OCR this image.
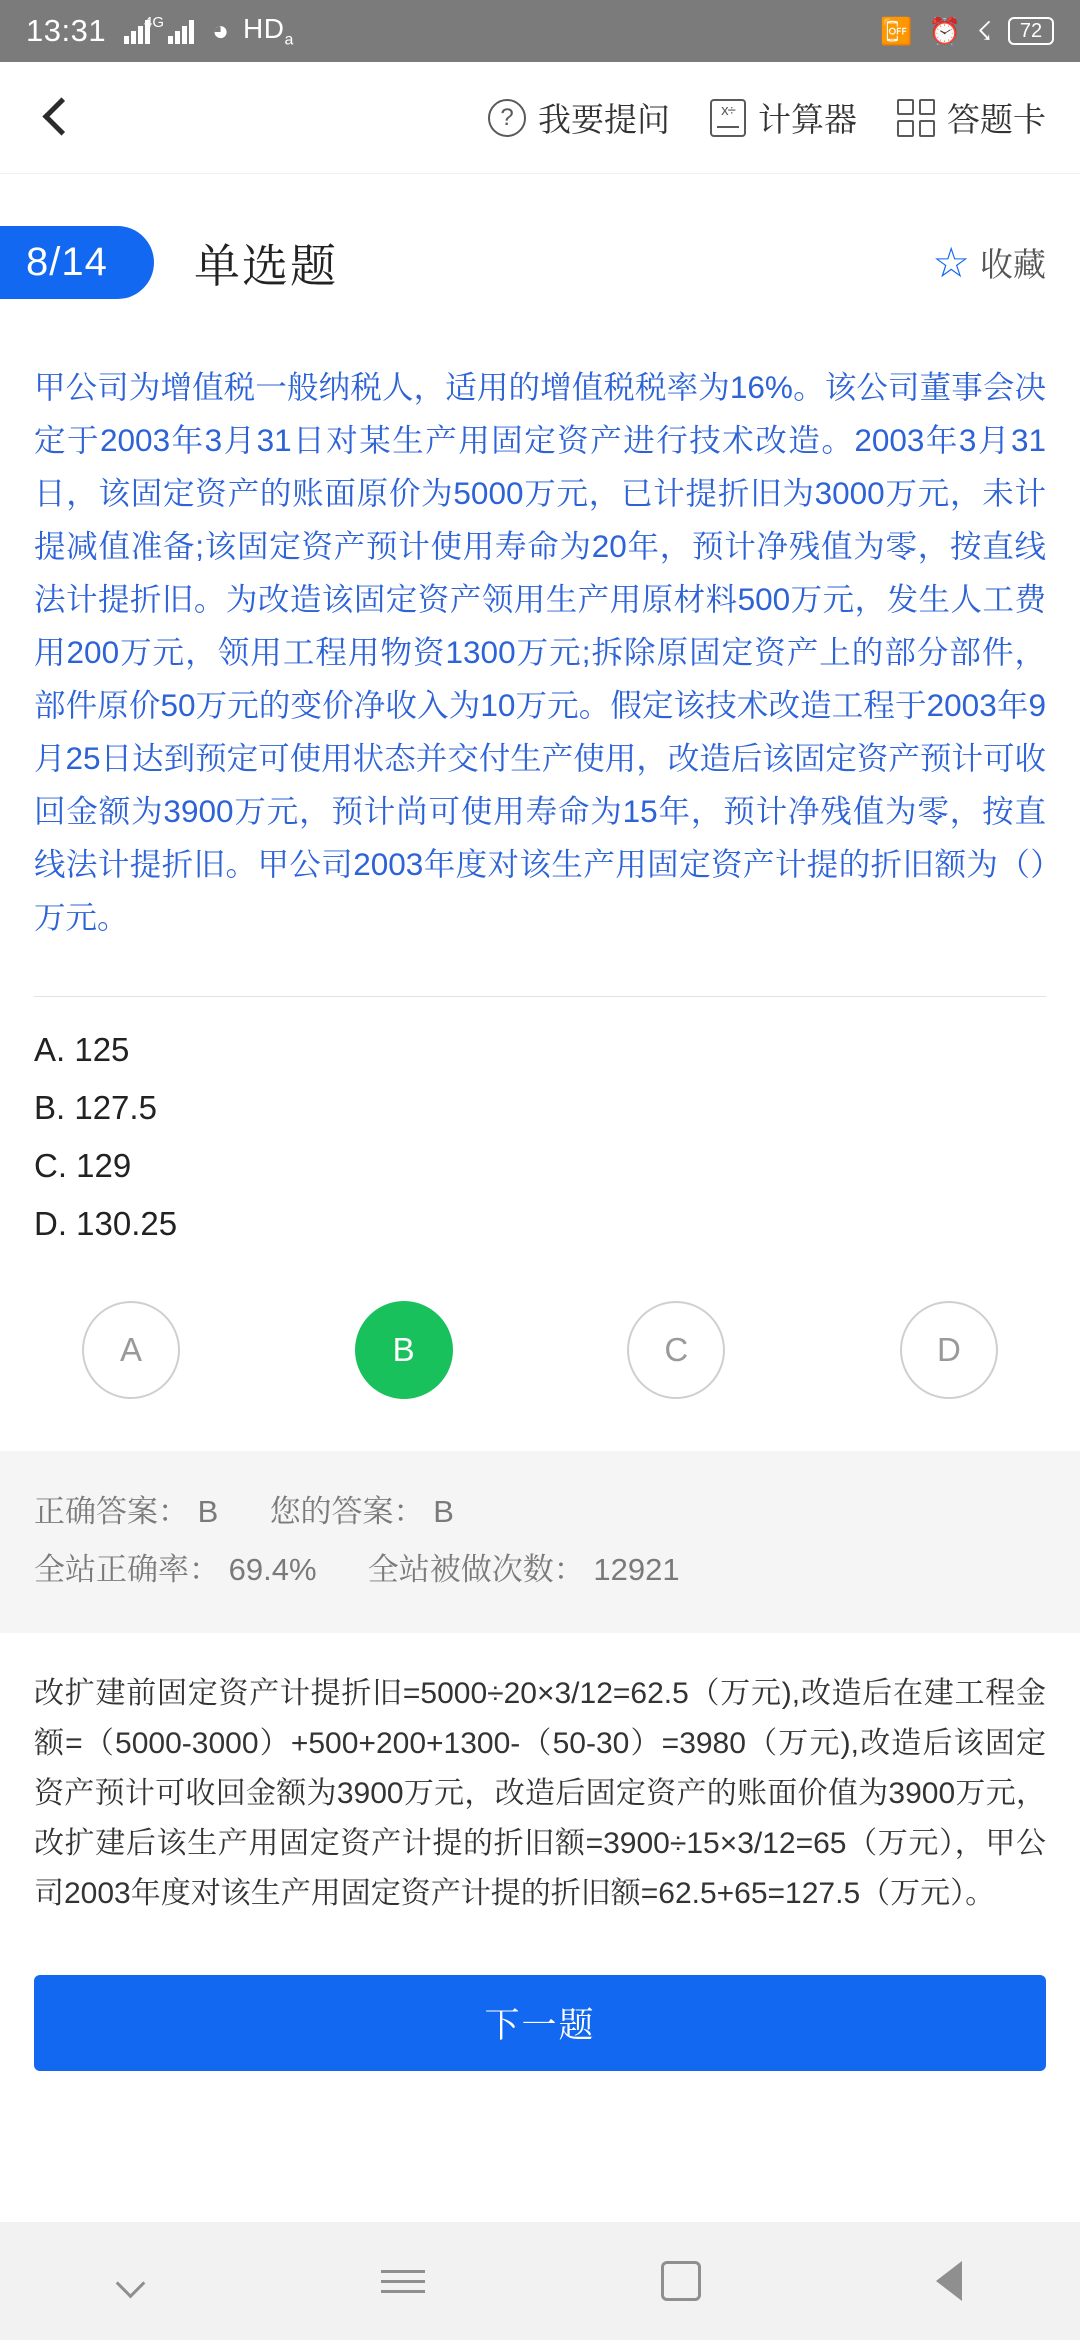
13:31	4G ◕ $HD_a$	📴 ⏰ ☇	72
? 我要提问	x÷ 计算器	答题卡
8/14	单选题	☆ 收藏
甲公司为增值税一般纳税人，适用的增值税税率为16%。该公司董事会决定于2003年3月31日对某生产用固定资产进行技术改造。2003年3月31日，该固定资产的账面原价为5000万元，已计提折旧为3000万元，未计提减值准备;该固定资产预计使用寿命为20年，预计净残值为零，按直线法计提折旧。为改造该固定资产领用生产用原材料500万元，发生人工费用200万元，领用工程用物资1300万元;拆除原固定资产上的部分部件，部件原价50万元的变价净收入为10万元。假定该技术改造工程于2003年9月25日达到预定可使用状态并交付生产使用，改造后该固定资产预计可收回金额为3900万元，预计尚可使用寿命为15年，预计净残值为零，按直线法计提折旧。甲公司2003年度对该生产用固定资产计提的折旧额为（）万元。
A. 125
B. 127.5
C. 129
D. 130.25
A	B	C	D
正确答案： B 您的答案： B
全站正确率： 69.4% 全站被做次数： 12921
改扩建前固定资产计提折旧=5000÷20×3/12=62.5（万元),改造后在建工程金额=（5000-3000）+500+200+1300-（50-30）=3980（万元),改造后该固定资产预计可收回金额为3900万元，改造后固定资产的账面价值为3900万元，改扩建后该生产用固定资产计提的折旧额=3900÷15×3/12=65（万元），甲公司2003年度对该生产用固定资产计提的折旧额=62.5+65=127.5（万元）。
下一题
